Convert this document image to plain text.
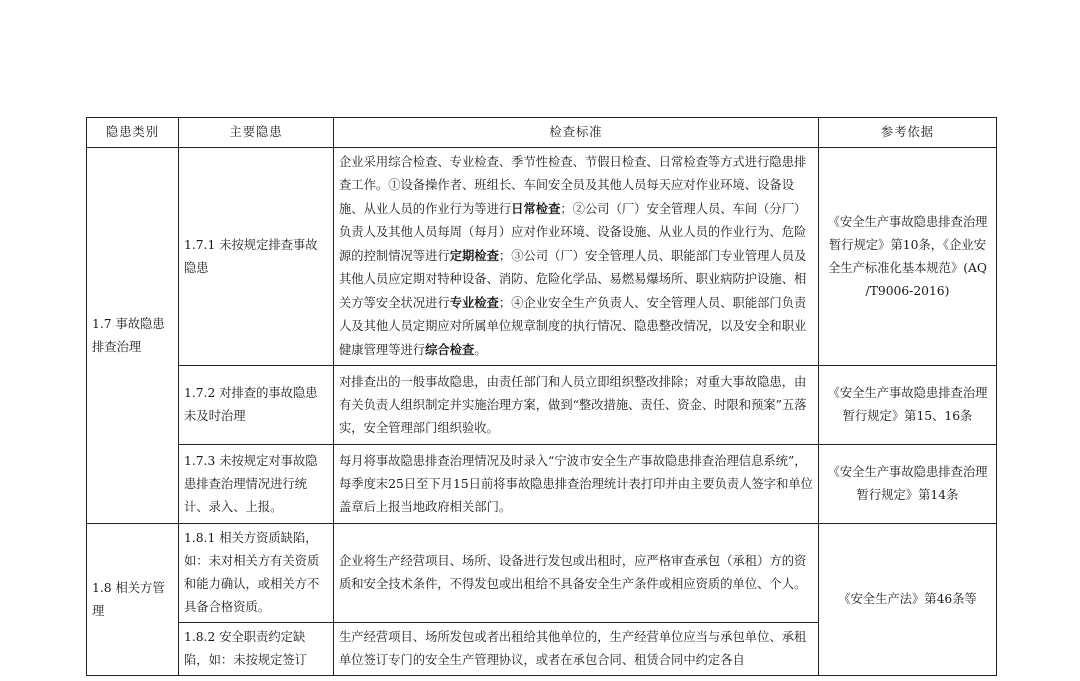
隐患类别	主要隐患	检查标准	参考依据
1.7 事故隐患排查治理	1.7.1 未按规定排查事故隐患	企业采用综合检查、专业检查、季节性检查、节假日检查、日常检查等方式进行隐患排查工作。①设备操作者、班组长、车间安全员及其他人员每天应对作业环境、设备设施、从业人员的作业行为等进行日常检查；②公司（厂）安全管理人员、车间（分厂）负责人及其他人员每周（每月）应对作业环境、设备设施、从业人员的作业行为、危险源的控制情况等进行定期检查；③公司（厂）安全管理人员、职能部门专业管理人员及其他人员应定期对特种设备、消防、危险化学品、易燃易爆场所、职业病防护设施、相关方等安全状况进行专业检查；④企业安全生产负责人、安全管理人员、职能部门负责人及其他人员定期应对所属单位规章制度的执行情况、隐患整改情况，以及安全和职业健康管理等进行综合检查。	《安全生产事故隐患排查治理暂行规定》第10条，《企业安全生产标准化基本规范》(AQ /T9006-2016)
	1.7.2 对排查的事故隐患未及时治理	对排查出的一般事故隐患，由责任部门和人员立即组织整改排除；对重大事故隐患，由有关负责人组织制定并实施治理方案，做到“整改措施、责任、资金、时限和预案”五落实，安全管理部门组织验收。	《安全生产事故隐患排查治理暂行规定》第15、16条
	1.7.3 未按规定对事故隐患排查治理情况进行统计、录入、上报。	每月将事故隐患排查治理情况及时录入“宁波市安全生产事故隐患排查治理信息系统”，每季度末25日至下月15日前将事故隐患排查治理统计表打印并由主要负责人签字和单位盖章后上报当地政府相关部门。	《安全生产事故隐患排查治理暂行规定》第14条
1.8 相关方管理	1.8.1 相关方资质缺陷，如：未对相关方有关资质和能力确认，或相关方不具备合格资质。	企业将生产经营项目、场所、设备进行发包或出租时，应严格审查承包（承租）方的资质和安全技术条件，不得发包或出租给不具备安全生产条件或相应资质的单位、个人。	《安全生产法》第46条等
	1.8.2 安全职责约定缺陷，如：未按规定签订	生产经营项目、场所发包或者出租给其他单位的，生产经营单位应当与承包单位、承租单位签订专门的安全生产管理协议，或者在承包合同、租赁合同中约定各自	
